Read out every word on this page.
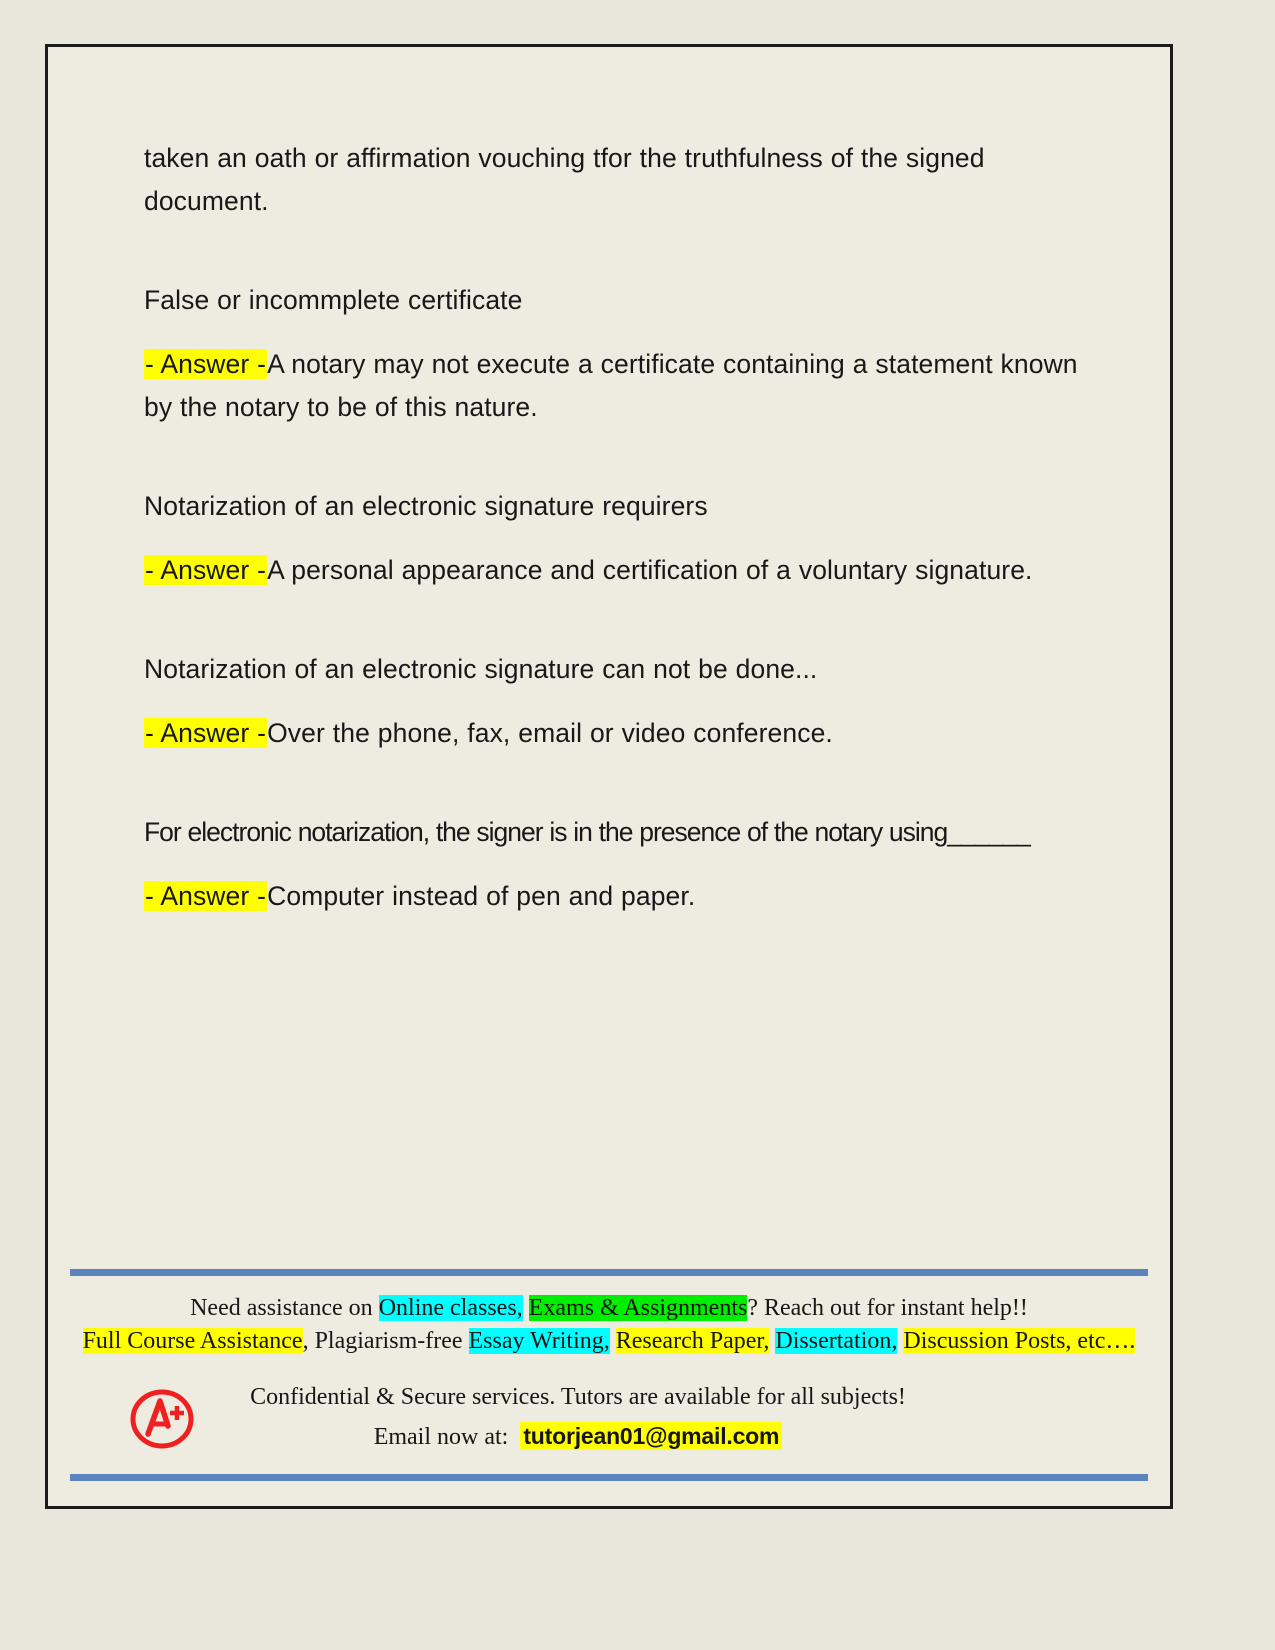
taken an oath or affirmation vouching tfor the truthfulness of the signed document.

False or incommplete certificate

- Answer -A notary may not execute a certificate containing a statement known by the notary to be of this nature.

Notarization of an electronic signature requirers

- Answer -A personal appearance and certification of a voluntary signature.

Notarization of an electronic signature can not be done...

- Answer -Over the phone, fax, email or video conference.

For electronic notarization, the signer is in the presence of the notary using______

- Answer -Computer instead of pen and paper.

Need assistance on Online classes, Exams & Assignments? Reach out for instant help!!
Full Course Assistance, Plagiarism-free Essay Writing, Research Paper, Dissertation, Discussion Posts, etc….
Confidential & Secure services. Tutors are available for all subjects!
Email now at: tutorjean01@gmail.com
